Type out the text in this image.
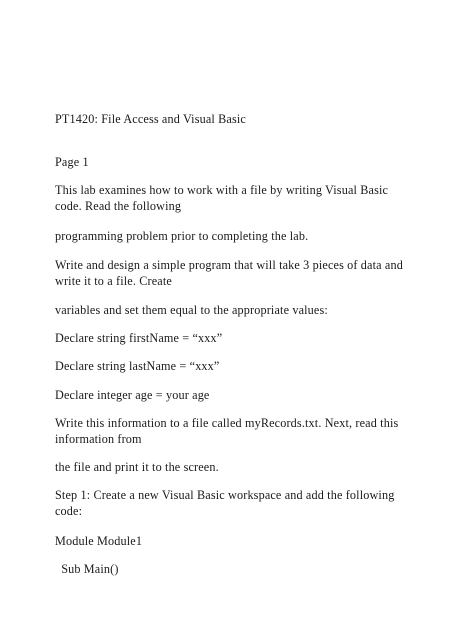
PT1420: File Access and Visual Basic
Page 1
This lab examines how to work with a file by writing Visual Basic code. Read the following
programming problem prior to completing the lab.
Write and design a simple program that will take 3 pieces of data and write it to a file. Create
variables and set them equal to the appropriate values:
Declare string firstName = “xxx”
Declare string lastName = “xxx”
Declare integer age = your age
Write this information to a file called myRecords.txt. Next, read this information from
the file and print it to the screen.
Step 1: Create a new Visual Basic workspace and add the following code:
Module Module1
Sub Main()
